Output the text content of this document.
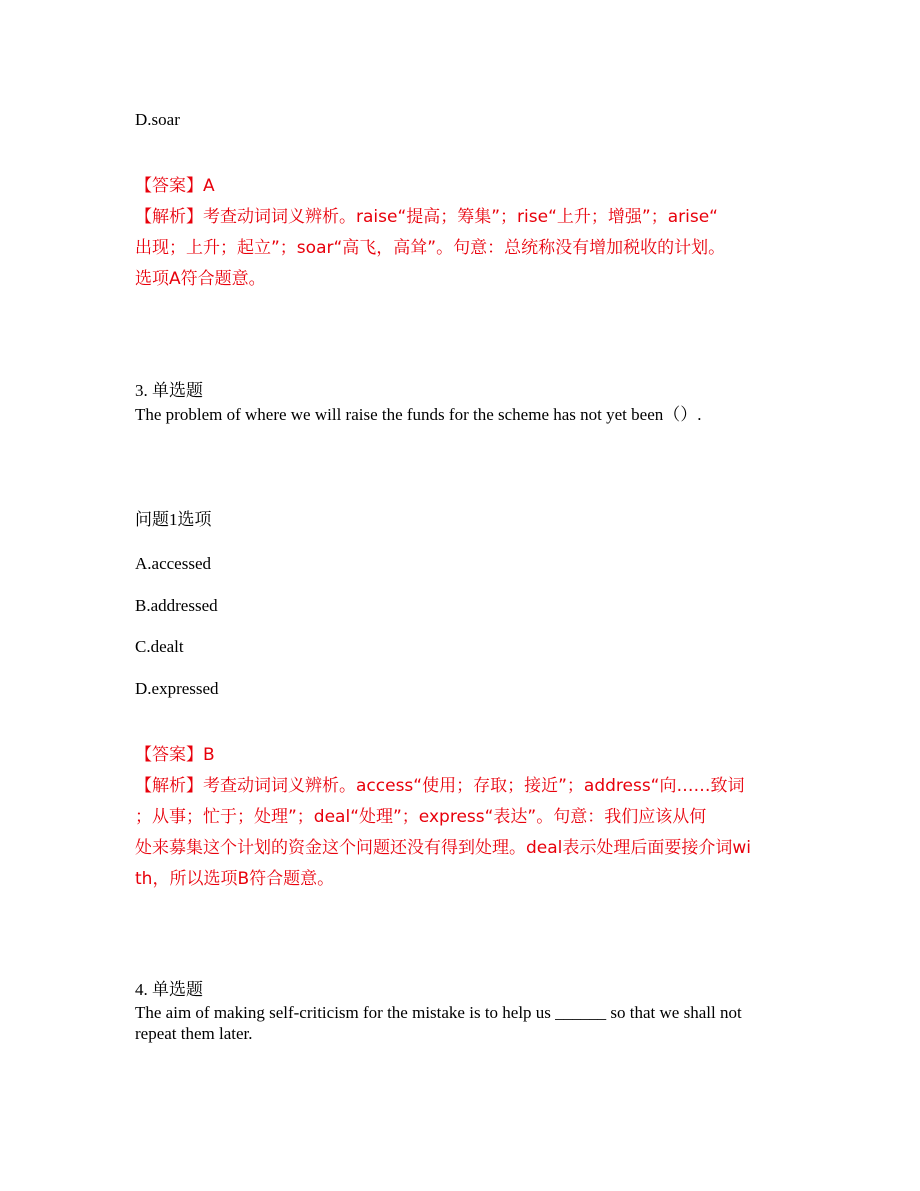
D.soar
【答案】A
【解析】考查动词词义辨析。raise“提高；筹集”；rise“上升；增强”；arise“
出现；上升；起立”；soar“高飞，高耸”。句意：总统称没有增加税收的计划。
选项A符合题意。
3. 单选题
The problem of where we will raise the funds for the scheme has not yet been（）.
问题1选项
A.accessed
B.addressed
C.dealt
D.expressed
【答案】B
【解析】考查动词词义辨析。access“使用；存取；接近”；address“向……致词
；从事；忙于；处理”；deal“处理”；express“表达”。句意：我们应该从何
处来募集这个计划的资金这个问题还没有得到处理。deal表示处理后面要接介词wi
th，所以选项B符合题意。
4. 单选题
The aim of making self-criticism for the mistake is to help us ______ so that we shall not
repeat them later.
